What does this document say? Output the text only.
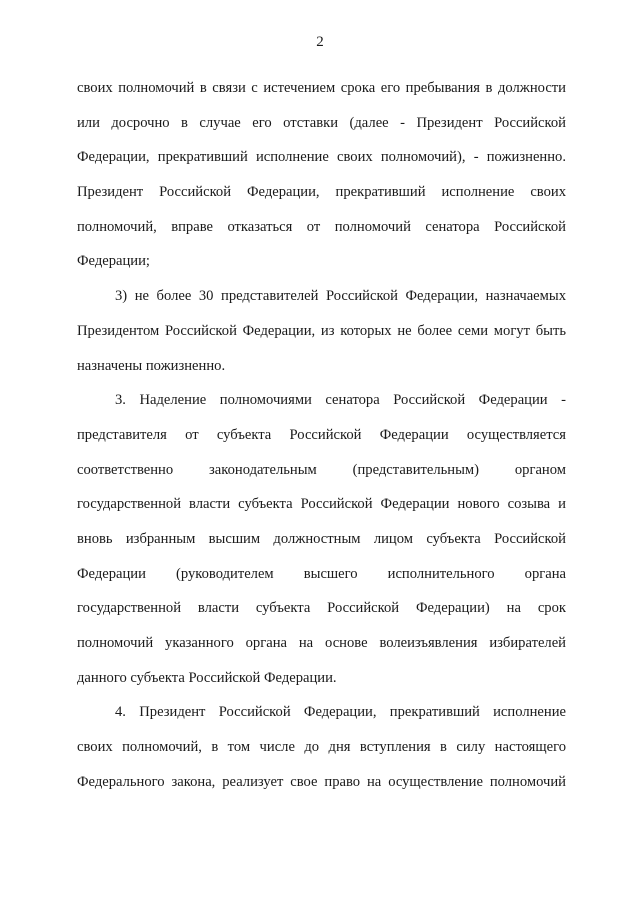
2
своих полномочий в связи с истечением срока его пребывания в должности
или досрочно в случае его отставки (далее - Президент Российской
Федерации, прекративший исполнение своих полномочий), - пожизненно.
Президент Российской Федерации, прекративший исполнение своих
полномочий, вправе отказаться от полномочий сенатора Российской
Федерации;
3) не более 30 представителей Российской Федерации, назначаемых
Президентом Российской Федерации, из которых не более семи могут быть
назначены пожизненно.
3. Наделение полномочиями сенатора Российской Федерации -
представителя от субъекта Российской Федерации осуществляется
соответственно законодательным (представительным) органом
государственной власти субъекта Российской Федерации нового созыва и
вновь избранным высшим должностным лицом субъекта Российской
Федерации (руководителем высшего исполнительного органа
государственной власти субъекта Российской Федерации) на срок
полномочий указанного органа на основе волеизъявления избирателей
данного субъекта Российской Федерации.
4. Президент Российской Федерации, прекративший исполнение
своих полномочий, в том числе до дня вступления в силу настоящего
Федерального закона, реализует свое право на осуществление полномочий
